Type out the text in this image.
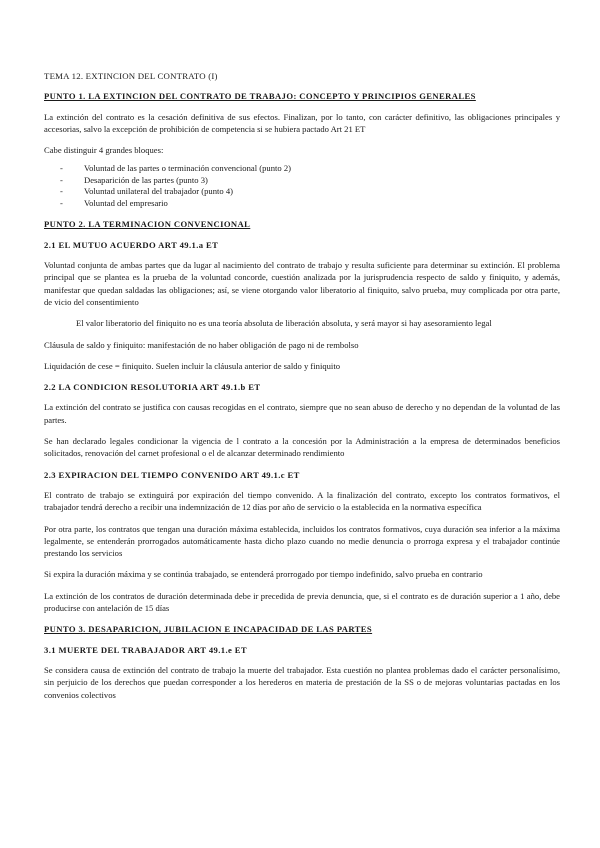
TEMA 12. EXTINCION DEL CONTRATO (I)
PUNTO 1. LA EXTINCION DEL CONTRATO DE TRABAJO: CONCEPTO Y PRINCIPIOS GENERALES

La extinción del contrato es la cesación definitiva de sus efectos. Finalizan, por lo tanto, con carácter definitivo, las obligaciones principales y accesorias, salvo la excepción de prohibición de competencia si se hubiera pactado Art 21 ET

Cabe distinguir 4 grandes bloques:

- Voluntad de las partes o terminación convencional (punto 2)
- Desaparición de las partes (punto 3)
- Voluntad unilateral del trabajador (punto 4)
- Voluntad del empresario
PUNTO 2. LA TERMINACION CONVENCIONAL
2.1 EL MUTUO ACUERDO ART 49.1.a ET

Voluntad conjunta de ambas partes que da lugar al nacimiento del contrato de trabajo y resulta suficiente para determinar su extinción. El problema principal que se plantea es la prueba de la voluntad concorde, cuestión analizada por la jurisprudencia respecto de saldo y finiquito, y además, manifestar que quedan saldadas las obligaciones; así, se viene otorgando valor liberatorio al finiquito, salvo prueba, muy complicada por otra parte, de vicio del consentimiento

El valor liberatorio del finiquito no es una teoría absoluta de liberación absoluta, y será mayor si hay asesoramiento legal

Cláusula de saldo y finiquito: manifestación de no haber obligación de pago ni de rembolso

Liquidación de cese = finiquito. Suelen incluir la cláusula anterior de saldo y finiquito

2.2 LA CONDICION RESOLUTORIA ART 49.1.b ET

La extinción del contrato se justifica con causas recogidas en el contrato, siempre que no sean abuso de derecho y no dependan de la voluntad de las partes.

Se han declarado legales condicionar la vigencia de l contrato a la concesión por la Administración a la empresa de determinados beneficios solicitados, renovación del carnet profesional o el de alcanzar determinado rendimiento

2.3 EXPIRACION DEL TIEMPO CONVENIDO ART 49.1.c ET

El contrato de trabajo se extinguirá por expiración del tiempo convenido. A la finalización del contrato, excepto los contratos formativos, el trabajador tendrá derecho a recibir una indemnización de 12 días por año de servicio o la establecida en la normativa específica

Por otra parte, los contratos que tengan una duración máxima establecida, incluidos los contratos formativos, cuya duración sea inferior a la máxima legalmente, se entenderán prorrogados automáticamente hasta dicho plazo cuando no medie denuncia o prorroga expresa y el trabajador continúe prestando los servicios

Si expira la duración máxima y se continúa trabajado, se entenderá prorrogado por tiempo indefinido, salvo prueba en contrario

La extinción de los contratos de duración determinada debe ir precedida de previa denuncia, que, si el contrato es de duración superior a 1 año, debe producirse con antelación de 15 días

PUNTO 3. DESAPARICION, JUBILACION E INCAPACIDAD DE LAS PARTES
3.1 MUERTE DEL TRABAJADOR ART 49.1.e ET

Se considera causa de extinción del contrato de trabajo la muerte del trabajador. Esta cuestión no plantea problemas dado el carácter personalísimo, sin perjuicio de los derechos que puedan corresponder a los herederos en materia de prestación de la SS o de mejoras voluntarias pactadas en los convenios colectivos
